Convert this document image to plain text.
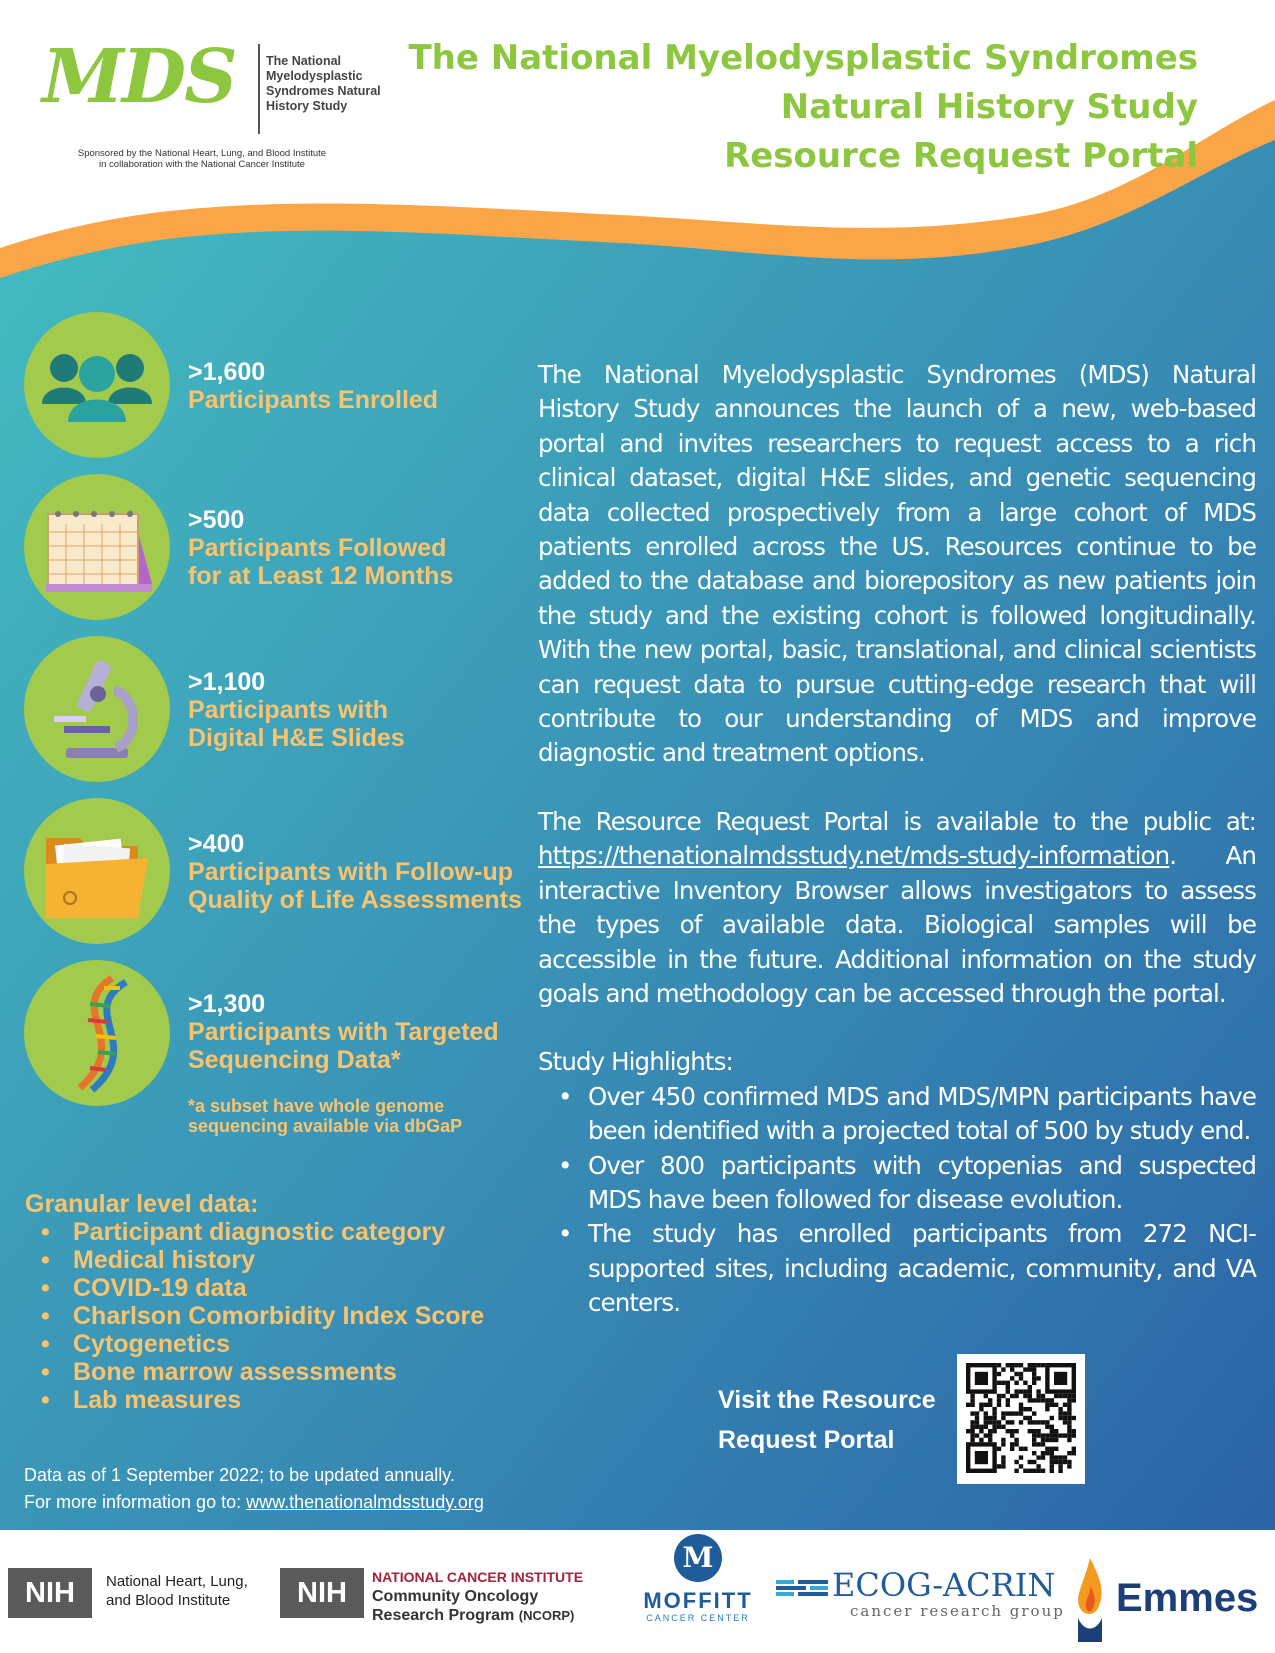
MDS The National Myelodysplastic Syndromes Natural History Study
Sponsored by the National Heart, Lung, and Blood Institute
in collaboration with the National Cancer Institute
The National Myelodysplastic Syndromes
Natural History Study
Resource Request Portal
>1,600
Participants Enrolled
>500
Participants Followed
for at Least 12 Months
>1,100
Participants with
Digital H&E Slides
>400
Participants with Follow-up
Quality of Life Assessments
>1,300
Participants with Targeted
Sequencing Data*
*a subset have whole genome
sequencing available via dbGaP
Granular level data:
• Participant diagnostic category
• Medical history
• COVID-19 data
• Charlson Comorbidity Index Score
• Cytogenetics
• Bone marrow assessments
• Lab measures

The National Myelodysplastic Syndromes (MDS) Natural History Study announces the launch of a new, web-based portal and invites researchers to request access to a rich clinical dataset, digital H&E slides, and genetic sequencing data collected prospectively from a large cohort of MDS patients enrolled across the US. Resources continue to be added to the database and biorepository as new patients join the study and the existing cohort is followed longitudinally. With the new portal, basic, translational, and clinical scientists can request data to pursue cutting-edge research that will contribute to our understanding of MDS and improve diagnostic and treatment options.

The Resource Request Portal is available to the public at: https://thenationalmdsstudy.net/mds-study-information. An interactive Inventory Browser allows investigators to assess the types of available data. Biological samples will be accessible in the future. Additional information on the study goals and methodology can be accessed through the portal.

Study Highlights:

• Over 450 confirmed MDS and MDS/MPN participants have been identified with a projected total of 500 by study end.
• Over 800 participants with cytopenias and suspected MDS have been followed for disease evolution.
• The study has enrolled participants from 272 NCI-supported sites, including academic, community, and VA centers.
Visit the Resource
Request Portal
Data as of 1 September 2022; to be updated annually.
For more information go to: www.thenationalmdsstudy.org
NIH	National Heart, Lung,
and Blood Institute	NIH	NATIONAL CANCER INSTITUTE
Community Oncology
Research Program (NCORP)
M
MOFFITT
CANCER CENTER
ECOG-ACRIN
cancer research group Emmes
